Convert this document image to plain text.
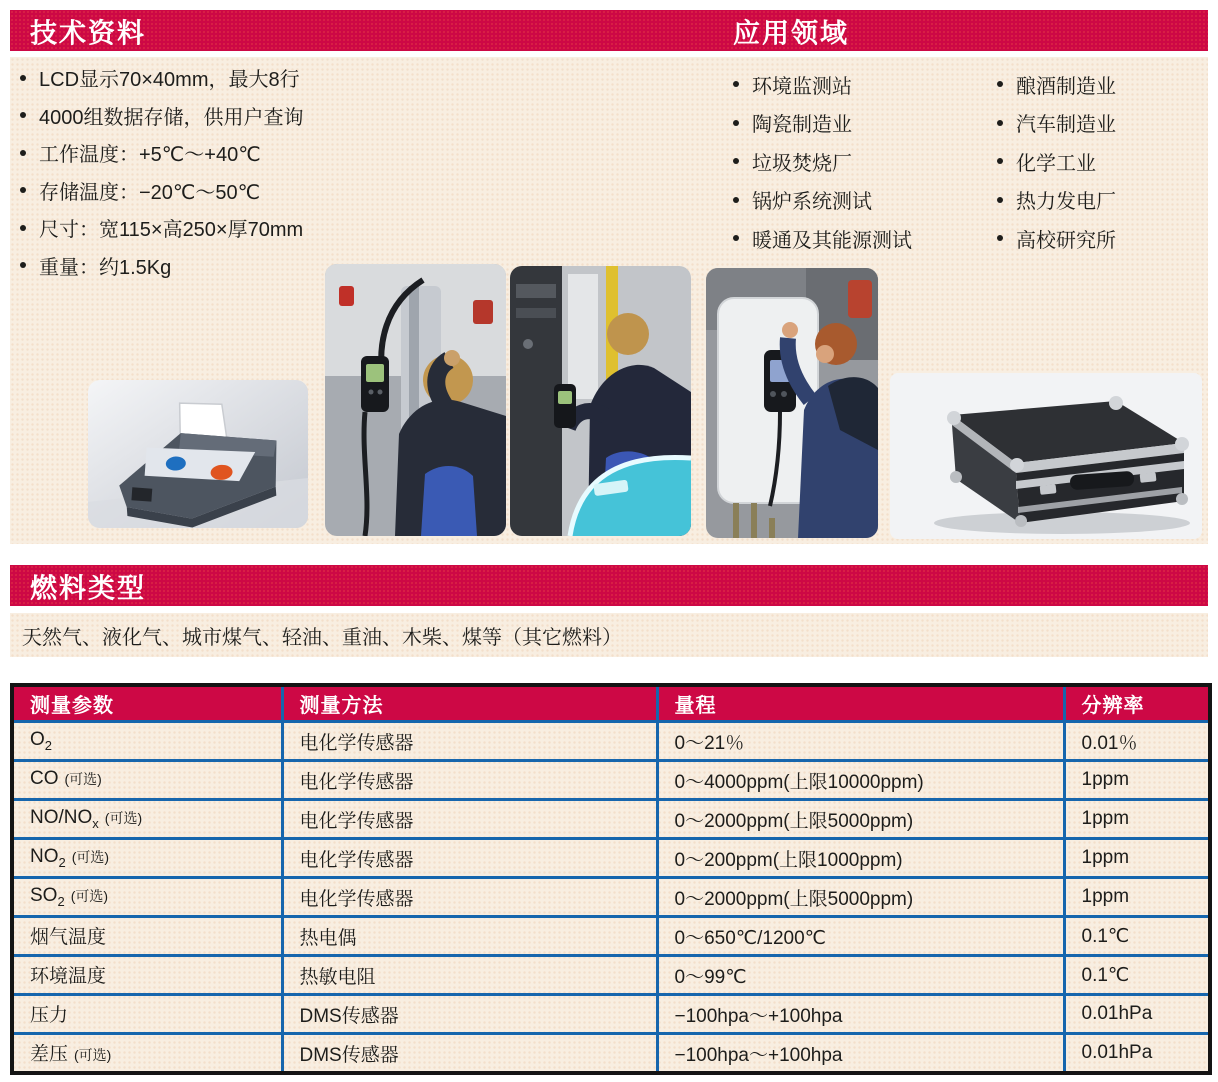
技术资料	应用领域
LCD显示70×40mm，最大8行
4000组数据存储，供用户查询
工作温度：+5℃～+40℃
存储温度：−20℃～50℃
尺寸：宽115×高250×厚70mm
重量：约1.5Kg
环境监测站
陶瓷制造业
垃圾焚烧厂
锅炉系统测试
暖通及其能源测试
酿酒制造业
汽车制造业
化学工业
热力发电厂
高校研究所
燃料类型
天然气、液化气、城市煤气、轻油、重油、木柴、煤等（其它燃料）
测量参数	测量方法	量程	分辨率
$O_2$	电化学传感器	0～21％	0.01％
CO (可选)	电化学传感器	0～4000ppm(上限10000ppm)	1ppm
$NO/NO_x$ (可选)	电化学传感器	0～2000ppm(上限5000ppm)	1ppm
$NO_2$ (可选)	电化学传感器	0～200ppm(上限1000ppm)	1ppm
$SO_2$ (可选)	电化学传感器	0～2000ppm(上限5000ppm)	1ppm
烟气温度	热电偶	0～650℃/1200℃	0.1℃
环境温度	热敏电阻	0～99℃	0.1℃
压力	DMS传感器	−100hpa～+100hpa	0.01hPa
差压 (可选)	DMS传感器	−100hpa～+100hpa	0.01hPa
